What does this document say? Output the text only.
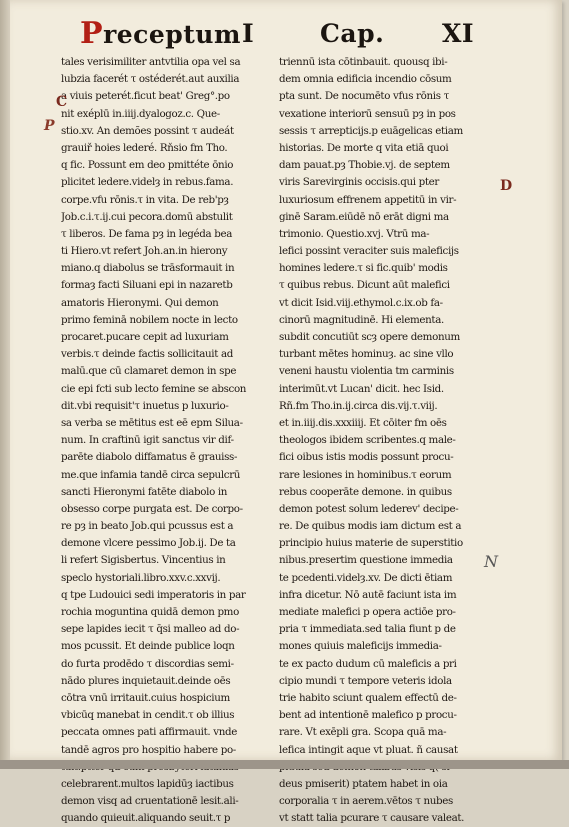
Preceptum I	Cap. XI
tales verisimiliter antvtilia opa vel sa
lubzia facerét τ ostéderét.aut auxilia
a viuis peterét.ficut beat' Greg°.po
nit exéplū in.iiij.dyalogoz.c. Que-
stio.xv. An demões possint τ audeát
grauiř hoies lederé. Rňsio fm Tho.
q fic. Possunt em deo pmittéte ōnio
plicitet ledere.videlȝ in rebus.fama.
corpe.vfu rōnis.τ in vita. De reb'pȝ
Job.c.i.τ.ij.cui pecora.domū abstulit
τ liberos. De fama pȝ in legéda bea
ti Hiero.vt refert Joh.an.in hierony
miano.q diabolus se trāsformauit in
formaȝ facti Siluani epi in nazaretb
amatoris Hieronymi. Qui demon
primo feminā nobilem nocte in lecto
procaret.pucare cepit ad luxuriam
verbis.τ deinde factis sollicitauit ad
malū.que cū clamaret demon in spe
cie epi fcti sub lecto femine se abscon
dit.vbi requisit'τ inuetus p luxurio-
sa verba se mētitus est eē epm Silua-
num. In craftinū igit sanctus vir dif-
parēte diabolo diffamatus ē grauiss-
me.que infamia tandē circa sepulcrū
sancti Hieronymi fatēte diabolo in
obsesso corpe purgata est. De corpo-
re pȝ in beato Job.qui pcussus est a
demone vlcere pessimo Job.ij. De ta
li refert Sigisbertus. Vincentius in
speclo hystoriali.libro.xxv.c.xxvij.
q tpe Ludouici sedi imperatoris in par
rochia moguntina quidā demon pmo
sepe lapides iecit τ q̄si malleo ad do-
mos pcussit. Et deinde publice loqn
do furta prodēdo τ discordias semi-
nādo plures inquietauit.deinde oēs
cōtra vnū irritauit.cuius hospicium
vbicūq manebat in cendit.τ ob illius
peccata omnes pati affirmauit. vnde
tandē agros pro hospitio habere po-
celebrarent.multos lapidūȝ iactibus
demon visq ad cruentationē lesit.ali-
quando quieuit.aliquando seuit.τ p
triennū ista cōtinbauit. quousq ibi-
dem omnia edificia incendio cōsum
pta sunt. De nocumēto vfus rōnis τ
vexatione interiorū sensuū pȝ in pos
sessis τ arrepticijs.p euāgelicas etiam
historias. De morte q vita etiā quoi
dam pauat.pȝ Thobie.vj. de septem
viris Sarevirginis occisis.qui pter
luxuriosum effrenem appetitū in vir-
ginē Saram.eiūdē nō erāt digni ma
trimonio. Questio.xvj. Vtrū ma-
lefici possint veraciter suis maleficijs
homines ledere.τ si fic.quib' modis
τ quibus rebus. Dicunt aūt malefici
vt dicit Isid.viij.ethymol.c.ix.ob fa-
cinorū magnitudinē. Hi elementa.
subdit concutiūt scȝ opere demonum
turbant mētes hominuȝ. ac sine vllo
veneni haustu violentia tm carminis
interimūt.vt Lucan' dicit. hec Isid.
Rñ.fm Tho.in.ij.circa dis.vij.τ.viij.
et in.iiij.dis.xxxiiij. Et cōiter fm oēs
theologos ibidem scribentes.q male-
fici oibus istis modis possunt procu-
rare lesiones in hominibus.τ eorum
rebus cooperāte demone. in quibus
demon potest solum lederev' decipe-
re. De quibus modis iam dictum est a
principio huius materie de superstitio
nibus.presertim questione immedia
te pcedenti.videlȝ.xv. De dicti ētiam
infra dicetur. Nō autē faciunt ista im
mediate malefici p opera actiōe pro-
pria τ immediata.sed talia fiunt p de
mones quiuis maleficijs immedia-
te ex pacto dudum cū maleficis a pri
cipio mundi τ tempore veteris idola
trie habito sciunt qualem effectū de-
bent ad intentionē malefico p procu-
rare. Vt exēpli gra. Scopa quā ma-
lefica intingit aque vt pluat. ñ causat
deus pmiserit) ptatem habet in oia
corporalia τ in aerem.vētos τ nubes
vt statt talia pcurare τ causare valeat.
C
P
D
N
